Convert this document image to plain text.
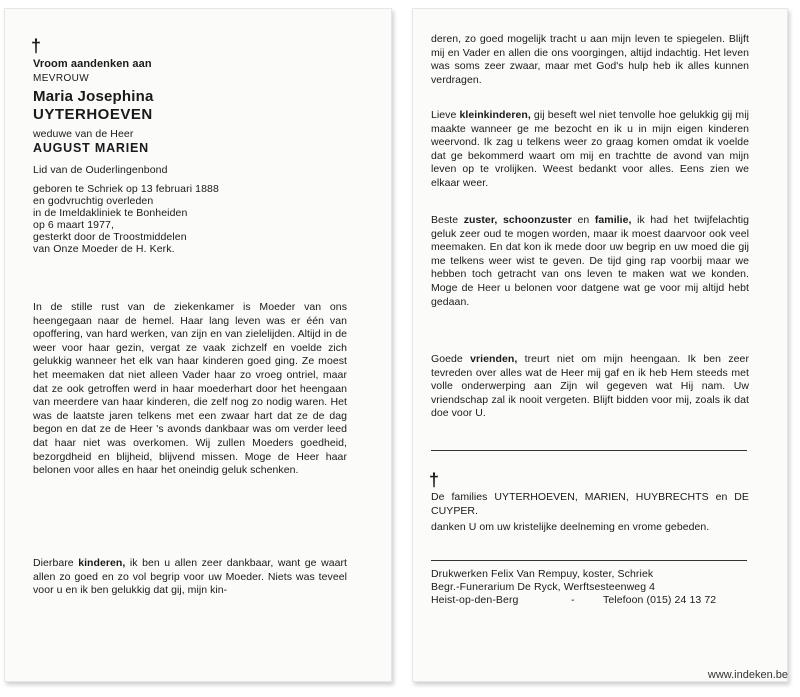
†
Vroom aandenken aan
MEVROUW
Maria Josephina
UYTERHOEVEN
weduwe van de Heer
AUGUST MARIEN
Lid van de Ouderlingenbond
geboren te Schriek op 13 februari 1888
en godvruchtig overleden
in de Imeldakliniek te Bonheiden
op 6 maart 1977,
gesterkt door de Troostmiddelen
van Onze Moeder de H. Kerk.
In de stille rust van de ziekenkamer is Moeder van ons heengegaan naar de hemel. Haar lang leven was er één van opoffering, van hard werken, van zijn en van zielelijden. Altijd in de weer voor haar gezin, vergat ze vaak zichzelf en voelde zich gelukkig wanneer het elk van haar kinderen goed ging. Ze moest het meemaken dat niet alleen Vader haar zo vroeg ontriel, maar dat ze ook getroffen werd in haar moederhart door het heengaan van meerdere van haar kinderen, die zelf nog zo nodig waren. Het was de laatste jaren telkens met een zwaar hart dat ze de dag begon en dat ze de Heer 's avonds dankbaar was om verder leed dat haar niet was overkomen. Wij zullen Moeders goedheid, bezorgdheid en blijheid, blijvend missen. Moge de Heer haar belonen voor alles en haar het oneindig geluk schenken.
Dierbare kinderen, ik ben u allen zeer dankbaar, want ge waart allen zo goed en zo vol begrip voor uw Moeder. Niets was teveel voor u en ik ben gelukkig dat gij, mijn kin-
deren, zo goed mogelijk tracht u aan mijn leven te spiegelen. Blijft mij en Vader en allen die ons voorgingen, altijd indachtig. Het leven was soms zeer zwaar, maar met God's hulp heb ik alles kunnen verdragen.
Lieve kleinkinderen, gij beseft wel niet tenvolle hoe gelukkig gij mij maakte wanneer ge me bezocht en ik u in mijn eigen kinderen weervond. Ik zag u telkens weer zo graag komen omdat ik voelde dat ge bekommerd waart om mij en trachtte de avond van mijn leven op te vrolijken. Weest bedankt voor alles. Eens zien we elkaar weer.
Beste zuster, schoonzuster en familie, ik had het twijfelachtig geluk zeer oud te mogen worden, maar ik moest daarvoor ook veel meemaken. En dat kon ik mede door uw begrip en uw moed die gij me telkens weer wist te geven. De tijd ging rap voorbij maar we hebben toch getracht van ons leven te maken wat we konden. Moge de Heer u belonen voor datgene wat ge voor mij altijd hebt gedaan.
Goede vrienden, treurt niet om mijn heengaan. Ik ben zeer tevreden over alles wat de Heer mij gaf en ik heb Hem steeds met volle onderwerping aan Zijn wil gegeven wat Hij nam. Uw vriendschap zal ik nooit vergeten. Blijft bidden voor mij, zoals ik dat doe voor U.
†
De families UYTERHOEVEN, MARIEN, HUYBRECHTS en DE CUYPER.
danken U om uw kristelijke deelneming en vrome gebeden.
Drukwerken Felix Van Rempuy, koster, Schriek
Begr.-Funerarium De Ryck, Werftsesteenweg 4
Heist-op-den-Berg	-	Telefoon (015) 24 13 72
www.indeken.be
